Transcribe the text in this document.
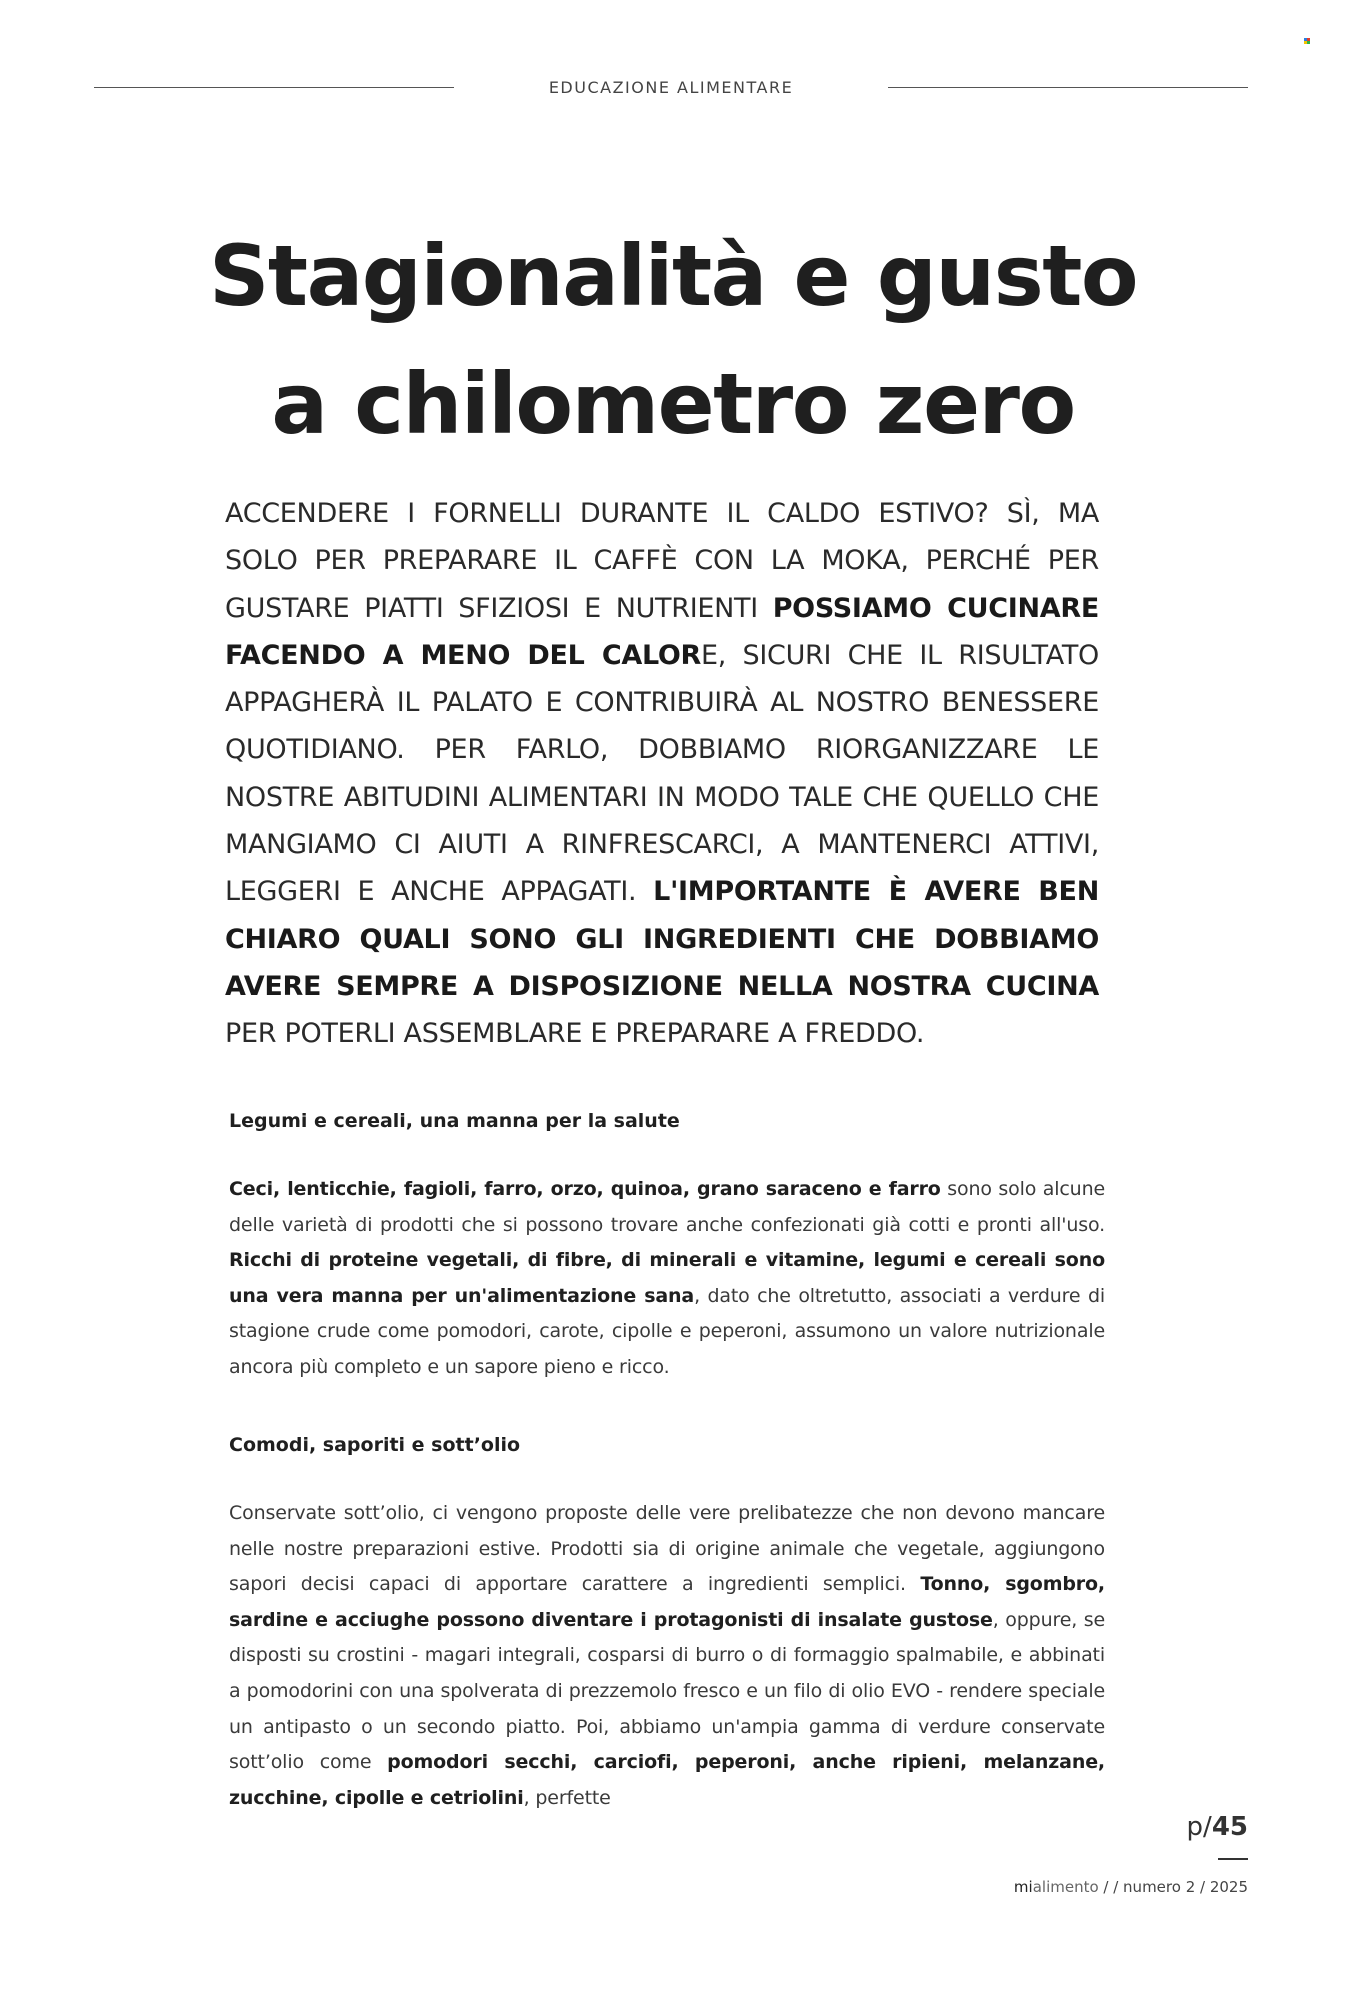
EDUCAZIONE ALIMENTARE
Stagionalità e gusto
a chilometro zero

ACCENDERE I FORNELLI DURANTE IL CALDO ESTIVO? SÌ, MA SOLO PER PREPARARE IL CAFFÈ CON LA MOKA, PERCHÉ PER GUSTARE PIATTI SFIZIOSI E NUTRIENTI POSSIAMO CUCINARE FACENDO A MENO DEL CALORE, SICURI CHE IL RISULTATO APPAGHERÀ IL PALATO E CONTRIBUIRÀ AL NOSTRO BENESSERE QUOTIDIANO. PER FARLO, DOBBIAMO RIORGANIZZARE LE NOSTRE ABITUDINI ALIMENTARI IN MODO TALE CHE QUELLO CHE MANGIAMO CI AIUTI A RINFRESCARCI, A MANTENERCI ATTIVI, LEGGERI E ANCHE APPAGATI. L'IMPORTANTE È AVERE BEN CHIARO QUALI SONO GLI INGREDIENTI CHE DOBBIAMO AVERE SEMPRE A DISPOSIZIONE NELLA NOSTRA CUCINA PER POTERLI ASSEMBLARE E PREPARARE A FREDDO.

Legumi e cereali, una manna per la salute

Ceci, lenticchie, fagioli, farro, orzo, quinoa, grano saraceno e farro sono solo alcune delle varietà di prodotti che si possono trovare anche confezionati già cotti e pronti all'uso. Ricchi di proteine vegetali, di fibre, di minerali e vitamine, legumi e cereali sono una vera manna per un'alimentazione sana, dato che oltretutto, associati a verdure di stagione crude come pomodori, carote, cipolle e peperoni, assumono un valore nutrizionale ancora più completo e un sapore pieno e ricco.

Comodi, saporiti e sott’olio

Conservate sott’olio, ci vengono proposte delle vere prelibatezze che non devono mancare nelle nostre preparazioni estive. Prodotti sia di origine animale che vegetale, aggiungono sapori decisi capaci di apportare carattere a ingredienti semplici. Tonno, sgombro, sardine e acciughe possono diventare i protagonisti di insalate gustose, oppure, se disposti su crostini - magari integrali, cosparsi di burro o di formaggio spalmabile, e abbinati a pomodorini con una spolverata di prezzemolo fresco e un filo di olio EVO - rendere speciale un antipasto o un secondo piatto. Poi, abbiamo un'ampia gamma di verdure conservate sott’olio come pomodori secchi, carciofi, peperoni, anche ripieni, melanzane, zucchine, cipolle e cetriolini, perfette

p/45
mialimento / / numero 2 / 2025
